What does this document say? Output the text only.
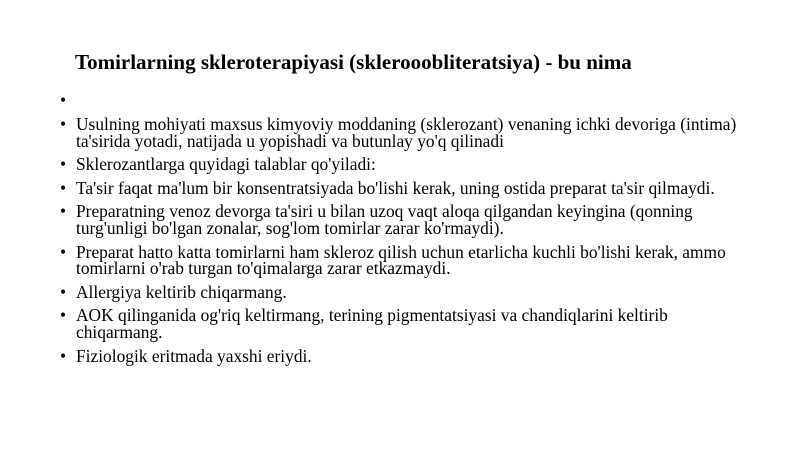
Tomirlarning skleroterapiyasi (sklerooobliteratsiya) - bu nima
•
• Usulning mohiyati maxsus kimyoviy moddaning (sklerozant) venaning ichki devoriga (intima) ta'sirida yotadi, natijada u yopishadi va butunlay yo'q qilinadi
• Sklerozantlarga quyidagi talablar qo'yiladi:
• Ta'sir faqat ma'lum bir konsentratsiyada bo'lishi kerak, uning ostida preparat ta'sir qilmaydi.
• Preparatning venoz devorga ta'siri u bilan uzoq vaqt aloqa qilgandan keyingina (qonning turg'unligi bo'lgan zonalar, sog'lom tomirlar zarar ko'rmaydi).
• Preparat hatto katta tomirlarni ham skleroz qilish uchun etarlicha kuchli bo'lishi kerak, ammo tomirlarni o'rab turgan to'qimalarga zarar etkazmaydi.
• Allergiya keltirib chiqarmang.
• AOK qilinganida og'riq keltirmang, terining pigmentatsiyasi va chandiqlarini keltirib chiqarmang.
• Fiziologik eritmada yaxshi eriydi.
